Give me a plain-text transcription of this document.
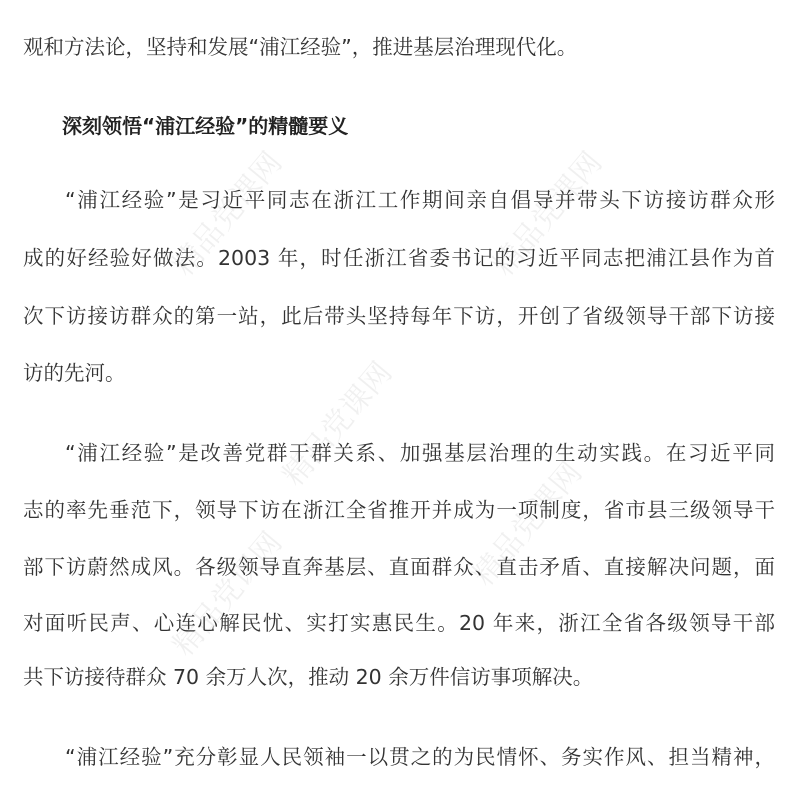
精品党课网	精品党课网
精品党课网
精品党课网
精品党课网
观和方法论，坚持和发展“浦江经验”，推进基层治理现代化。
深刻领悟“浦江经验”的精髓要义
“浦江经验”是习近平同志在浙江工作期间亲自倡导并带头下访接访群众形
成的好经验好做法。2003 年，时任浙江省委书记的习近平同志把浦江县作为首
次下访接访群众的第一站，此后带头坚持每年下访，开创了省级领导干部下访接
访的先河。
“浦江经验”是改善党群干群关系、加强基层治理的生动实践。在习近平同
志的率先垂范下，领导下访在浙江全省推开并成为一项制度，省市县三级领导干
部下访蔚然成风。各级领导直奔基层、直面群众、直击矛盾、直接解决问题，面
对面听民声、心连心解民忧、实打实惠民生。20 年来，浙江全省各级领导干部
共下访接待群众 70 余万人次，推动 20 余万件信访事项解决。
“浦江经验”充分彰显人民领袖一以贯之的为民情怀、务实作风、担当精神，
